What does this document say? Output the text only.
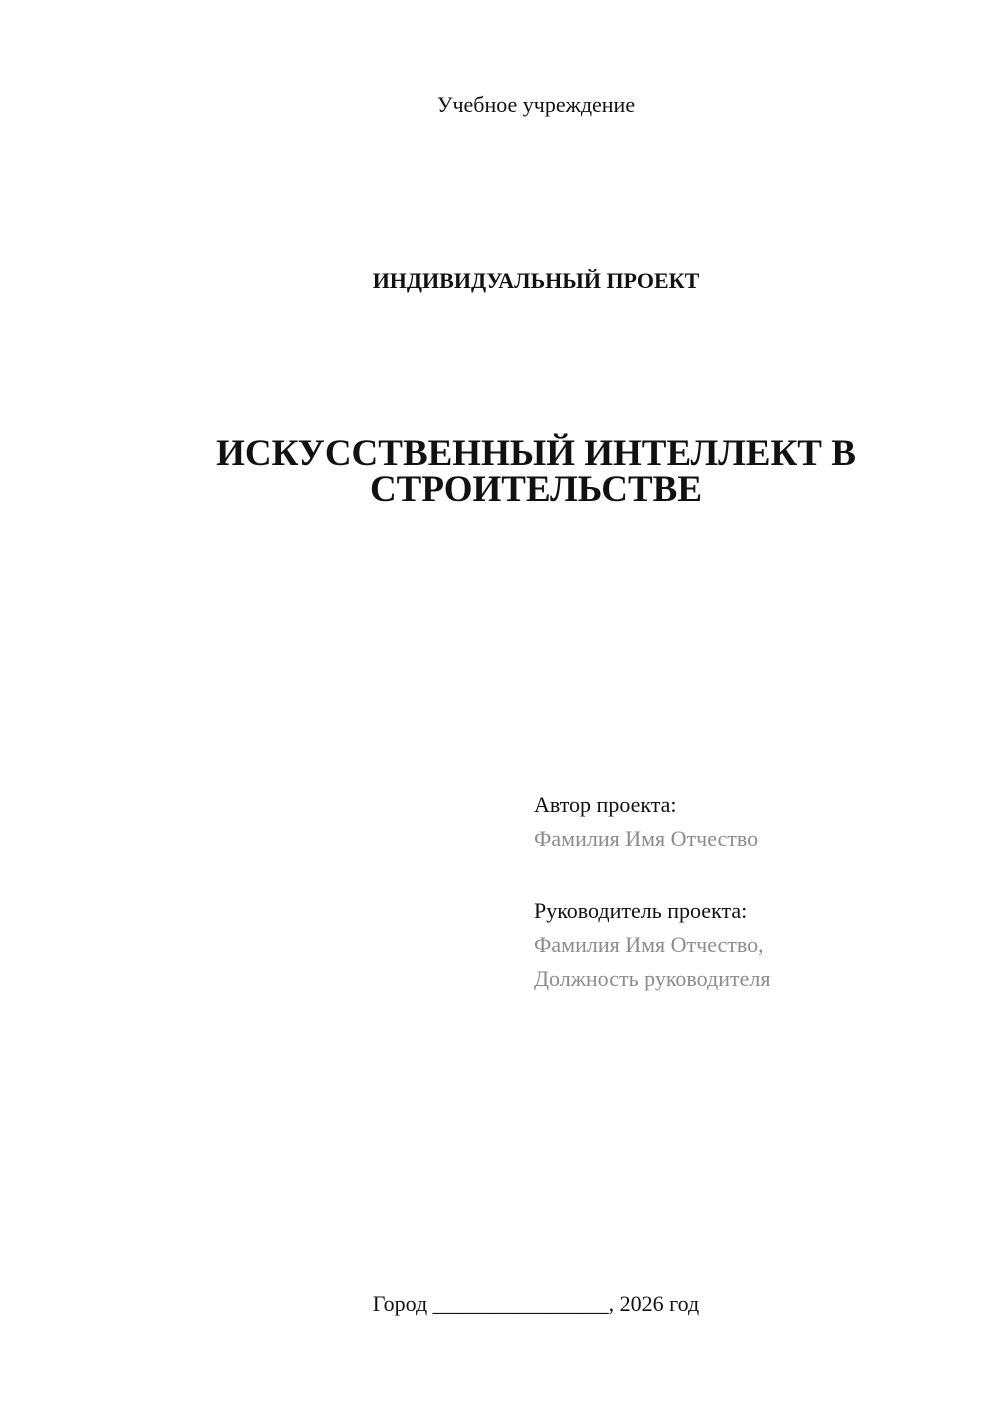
Учебное учреждение
ИНДИВИДУАЛЬНЫЙ ПРОЕКТ
ИСКУССТВЕННЫЙ ИНТЕЛЛЕКТ В
СТРОИТЕЛЬСТВЕ
Автор проекта:
Фамилия Имя Отчество
Руководитель проекта:
Фамилия Имя Отчество,
Должность руководителя
Город ________________, 2026 год
